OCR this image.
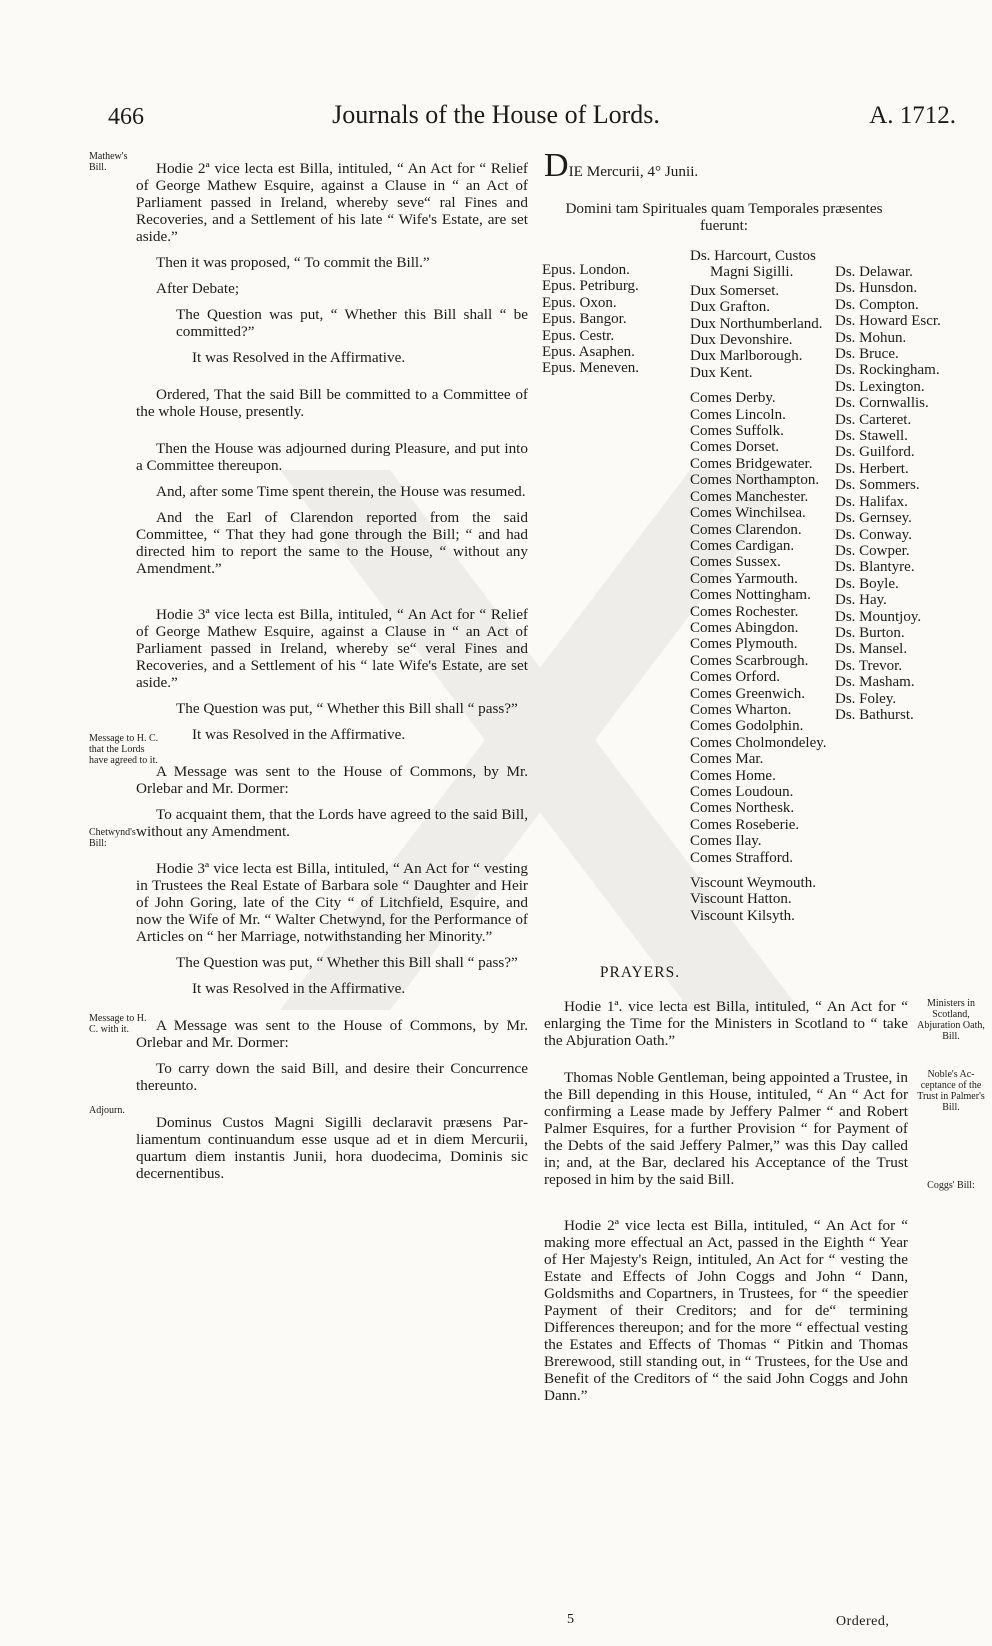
466	Journals of the House of Lords.	A. 1712.
Mathew's Bill.
Message to H. C. that the Lords have agreed to it.
Chetwynd's Bill:
Message to H. C. with it.
Adjourn.

Hodie 2ª vice lecta est Billa, intituled, “ An Act for “ Relief of George Mathew Esquire, against a Clause in “ an Act of Parliament passed in Ireland, whereby seve“ ral Fines and Recoveries, and a Settlement of his late “ Wife's Estate, are set aside.”

Then it was proposed, “ To commit the Bill.”

After Debate;

The Question was put, “ Whether this Bill shall “ be committed?”

It was Resolved in the Affirmative.

Ordered, That the said Bill be committed to a Committee of the whole House, presently.

Then the House was adjourned during Pleasure, and put into a Committee thereupon.

And, after some Time spent therein, the House was resumed.

And the Earl of Clarendon reported from the said Committee, “ That they had gone through the Bill; “ and had directed him to report the same to the House, “ without any Amendment.”

Hodie 3ª vice lecta est Billa, intituled, “ An Act for “ Relief of George Mathew Esquire, against a Clause in “ an Act of Parliament passed in Ireland, whereby se“ veral Fines and Recoveries, and a Settlement of his “ late Wife's Estate, are set aside.”

The Question was put, “ Whether this Bill shall “ pass?”

It was Resolved in the Affirmative.

A Message was sent to the House of Commons, by Mr. Orlebar and Mr. Dormer:

To acquaint them, that the Lords have agreed to the said Bill, without any Amendment.

Hodie 3ª vice lecta est Billa, intituled, “ An Act for “ vesting in Trustees the Real Estate of Barbara sole “ Daughter and Heir of John Goring, late of the City “ of Litchfield, Esquire, and now the Wife of Mr. “ Walter Chetwynd, for the Performance of Articles on “ her Marriage, notwithstanding her Minority.”

The Question was put, “ Whether this Bill shall “ pass?”

It was Resolved in the Affirmative.

A Message was sent to the House of Commons, by Mr. Orlebar and Mr. Dormer:

To carry down the said Bill, and desire their Concurrence thereunto.

Dominus Custos Magni Sigilli declaravit præsens Parliamentum continuandum esse usque ad et in diem Mercurii, quartum diem instantis Junii, hora duodecima, Dominis sic decernentibus.

DIE Mercurii, 4° Junii.

Domini tam Spirituales quam Temporales præsentes fuerunt:
Epus. London.
Epus. Petriburg.
Epus. Oxon.
Epus. Bangor.
Epus. Cestr.
Epus. Asaphen.
Epus. Meneven.
Ds. Harcourt, Custos
Magni Sigilli.
Dux Somerset.
Dux Grafton.
Dux Northumberland.
Dux Devonshire.
Dux Marlborough.
Dux Kent.
Comes Derby.
Comes Lincoln.
Comes Suffolk.
Comes Dorset.
Comes Bridgewater.
Comes Northampton.
Comes Manchester.
Comes Winchilsea.
Comes Clarendon.
Comes Cardigan.
Comes Sussex.
Comes Yarmouth.
Comes Nottingham.
Comes Rochester.
Comes Abingdon.
Comes Plymouth.
Comes Scarbrough.
Comes Orford.
Comes Greenwich.
Comes Wharton.
Comes Godolphin.
Comes Cholmondeley.
Comes Mar.
Comes Home.
Comes Loudoun.
Comes Northesk.
Comes Roseberie.
Comes Ilay.
Comes Strafford.
Viscount Weymouth.
Viscount Hatton.
Viscount Kilsyth.
Ds. Delawar.
Ds. Hunsdon.
Ds. Compton.
Ds. Howard Escr.
Ds. Mohun.
Ds. Bruce.
Ds. Rockingham.
Ds. Lexington.
Ds. Cornwallis.
Ds. Carteret.
Ds. Stawell.
Ds. Guilford.
Ds. Herbert.
Ds. Sommers.
Ds. Halifax.
Ds. Gernsey.
Ds. Conway.
Ds. Cowper.
Ds. Blantyre.
Ds. Boyle.
Ds. Hay.
Ds. Mountjoy.
Ds. Burton.
Ds. Mansel.
Ds. Trevor.
Ds. Masham.
Ds. Foley.
Ds. Bathurst.
PRAYERS.

Hodie 1ª. vice lecta est Billa, intituled, “ An Act for “ enlarging the Time for the Ministers in Scotland to “ take the Abjuration Oath.”

Thomas Noble Gentleman, being appointed a Trustee, in the Bill depending in this House, intituled, “ An “ Act for confirming a Lease made by Jeffery Palmer “ and Robert Palmer Esquires, for a further Provision “ for Payment of the Debts of the said Jeffery Palmer,” was this Day called in; and, at the Bar, declared his Acceptance of the Trust reposed in him by the said Bill.

Hodie 2ª vice lecta est Billa, intituled, “ An Act for “ making more effectual an Act, passed in the Eighth “ Year of Her Majesty's Reign, intituled, An Act for “ vesting the Estate and Effects of John Coggs and John “ Dann, Goldsmiths and Copartners, in Trustees, for “ the speedier Payment of their Creditors; and for de“ termining Differences thereupon; and for the more “ effectual vesting the Estates and Effects of Thomas “ Pitkin and Thomas Brerewood, still standing out, in “ Trustees, for the Use and Benefit of the Creditors of “ the said John Coggs and John Dann.”

Ministers in Scotland, Abjuration Oath, Bill.
Noble's Acceptance of the Trust in Palmer's Bill.
Coggs' Bill:
5	Ordered,
